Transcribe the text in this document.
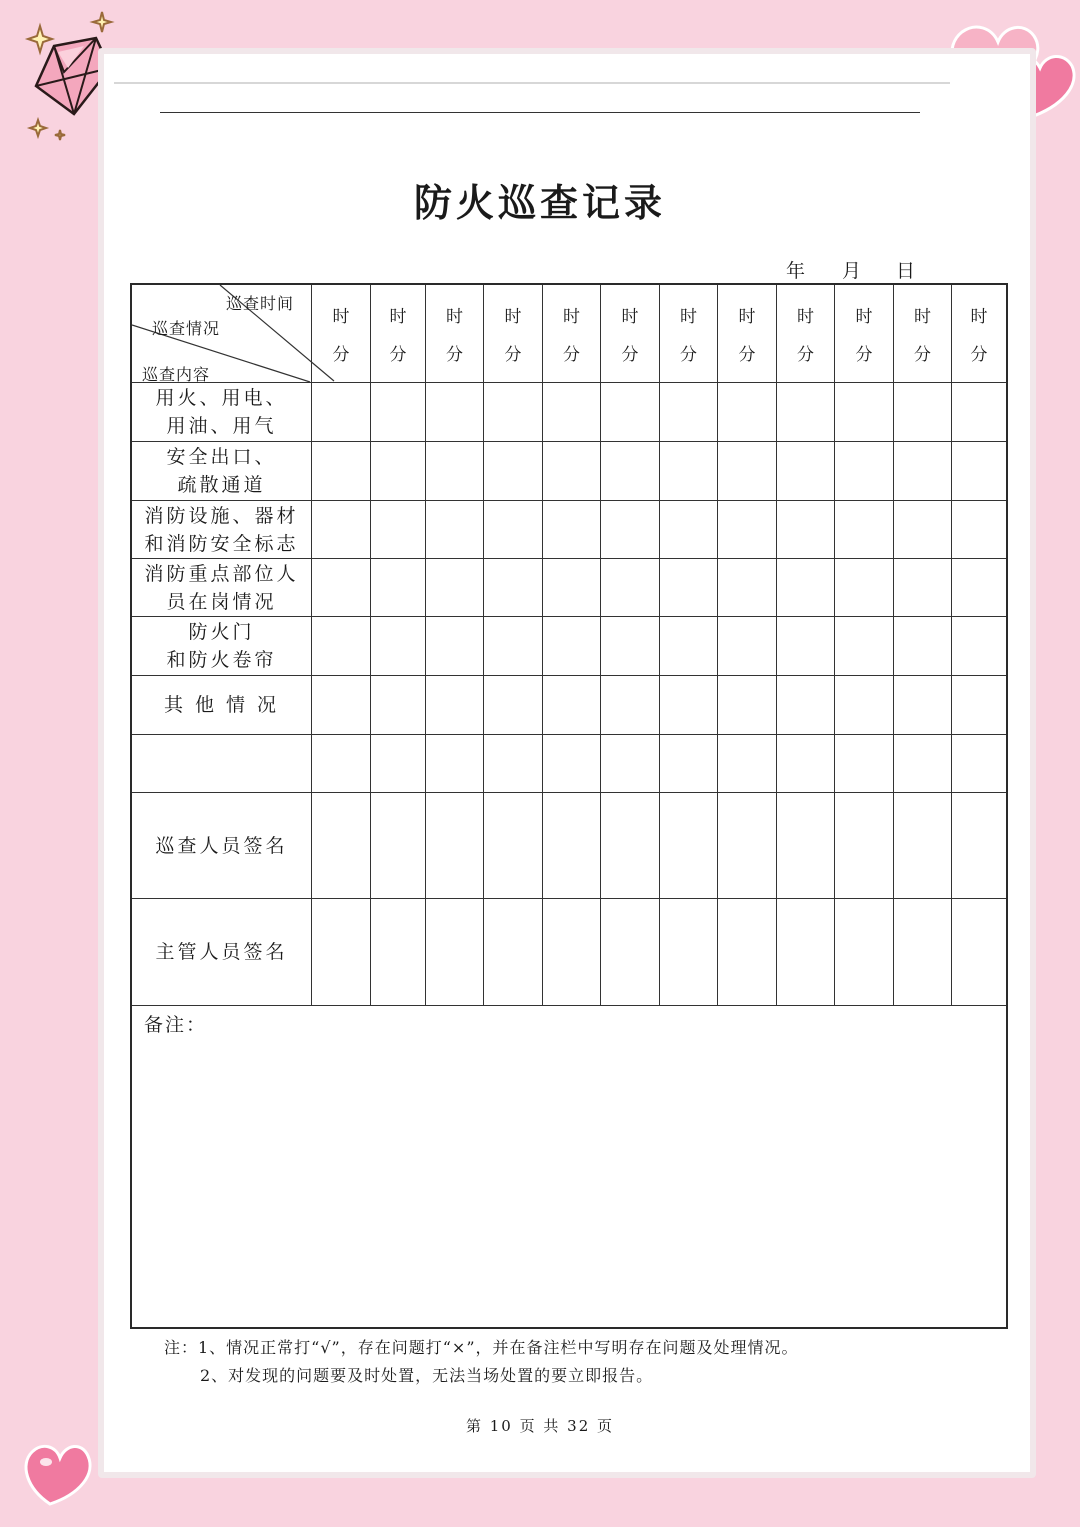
防火巡查记录
年 月 日
巡查时间
巡查情况
巡查内容
时
分
时
分
时
分
时
分
时
分
时
分
时
分
时
分
时
分
时
分
时
分
时
分
用火、用电、
用油、用气
安全出口、
疏散通道
消防设施、器材
和消防安全标志
消防重点部位人
员在岗情况
防火门
和防火卷帘
其 他 情 况
巡查人员签名
主管人员签名
备注：
注：1、情况正常打“√”，存在问题打“×”，并在备注栏中写明存在问题及处理情况。
2、对发现的问题要及时处置，无法当场处置的要立即报告。
第 10 页 共 32 页
